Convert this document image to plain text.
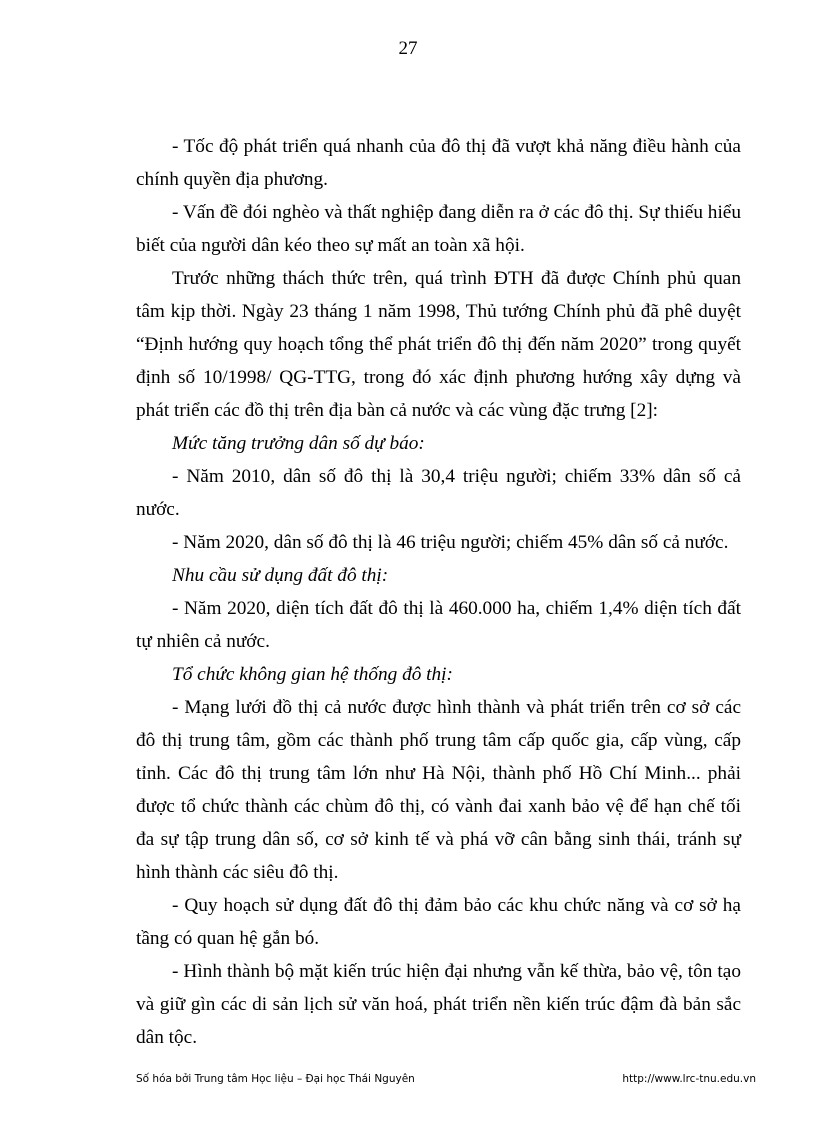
27

- Tốc độ phát triển quá nhanh của đô thị đã vượt khả năng điều hành của chính quyền địa phương.

- Vấn đề đói nghèo và thất nghiệp đang diễn ra ở các đô thị. Sự thiếu hiểu biết của người dân kéo theo sự mất an toàn xã hội.

Trước những thách thức trên, quá trình ĐTH đã được Chính phủ quan tâm kịp thời. Ngày 23 tháng 1 năm 1998, Thủ tướng Chính phủ đã phê duyệt “Định hướng quy hoạch tổng thể phát triển đô thị đến năm 2020” trong quyết định số 10/1998/ QG-TTG, trong đó xác định phương hướng xây dựng và phát triển các đồ thị trên địa bàn cả nước và các vùng đặc trưng [2]:

Mức tăng trưởng dân số dự báo:

- Năm 2010, dân số đô thị là 30,4 triệu người; chiếm 33% dân số cả nước.

- Năm 2020, dân số đô thị là 46 triệu người; chiếm 45% dân số cả nước.

Nhu cầu sử dụng đất đô thị:

- Năm 2020, diện tích đất đô thị là 460.000 ha, chiếm 1,4% diện tích đất tự nhiên cả nước.

Tổ chức không gian hệ thống đô thị:

- Mạng lưới đồ thị cả nước được hình thành và phát triển trên cơ sở các đô thị trung tâm, gồm các thành phố trung tâm cấp quốc gia, cấp vùng, cấp tỉnh. Các đô thị trung tâm lớn như Hà Nội, thành phố Hồ Chí Minh... phải được tổ chức thành các chùm đô thị, có vành đai xanh bảo vệ để hạn chế tối đa sự tập trung dân số, cơ sở kinh tế và phá vỡ cân bằng sinh thái, tránh sự hình thành các siêu đô thị.

- Quy hoạch sử dụng đất đô thị đảm bảo các khu chức năng và cơ sở hạ tầng có quan hệ gắn bó.

- Hình thành bộ mặt kiến trúc hiện đại nhưng vẫn kế thừa, bảo vệ, tôn tạo và giữ gìn các di sản lịch sử văn hoá, phát triển nền kiến trúc đậm đà bản sắc dân tộc.

Số hóa bởi Trung tâm Học liệu – Đại học Thái Nguyên	http://www.lrc-tnu.edu.vn
